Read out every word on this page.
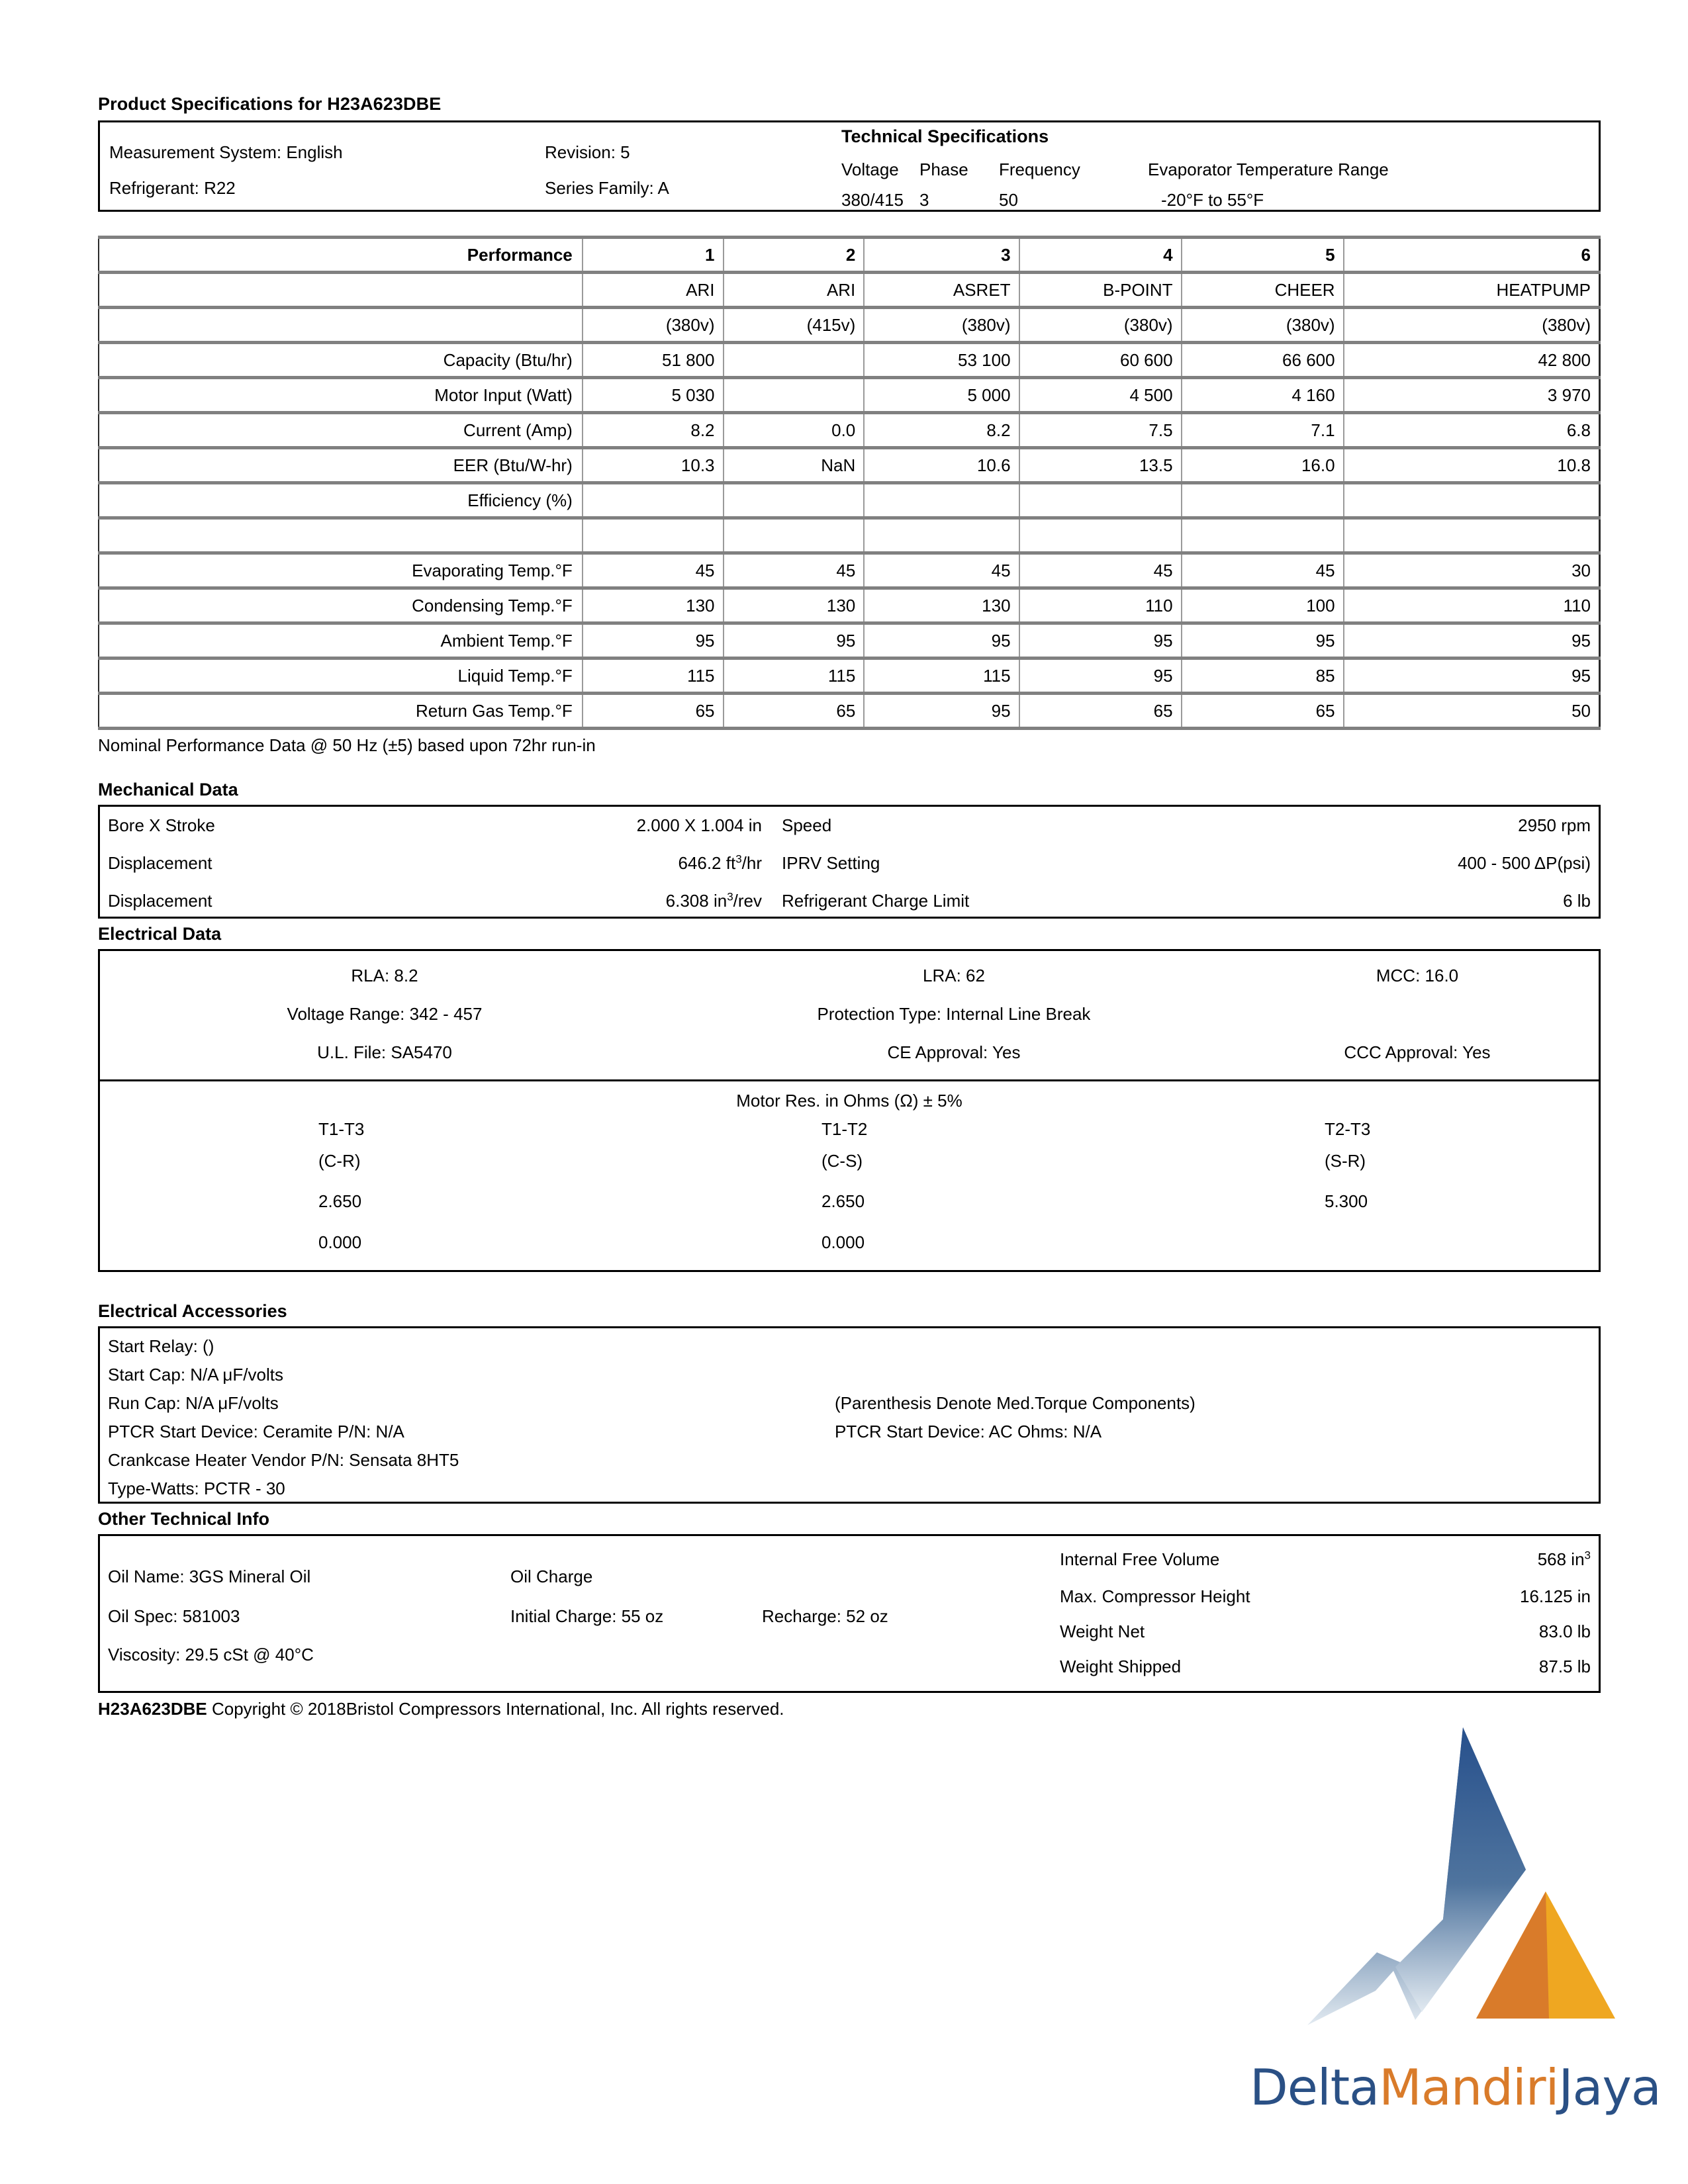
Product Specifications for H23A623DBE
Measurement System: English
Refrigerant: R22
Revision: 5
Series Family: A
Technical Specifications
Voltage	Phase	Frequency	Evaporator Temperature Range
380/415 3	50	-20°F to 55°F
Performance	1	2	3	4	5	6
	ARI	ARI	ASRET	B-POINT	CHEER	HEATPUMP
	(380v)	(415v)	(380v)	(380v)	(380v)	(380v)
Capacity (Btu/hr)	51 800		53 100	60 600	66 600	42 800
Motor Input (Watt)	5 030		5 000	4 500	4 160	3 970
Current (Amp)	8.2	0.0	8.2	7.5	7.1	6.8
EER (Btu/W-hr)	10.3	NaN	10.6	13.5	16.0	10.8
Efficiency (%)						

Evaporating Temp.°F	45	45	45	45	45	30
Condensing Temp.°F	130	130	130	110	100	110
Ambient Temp.°F	95	95	95	95	95	95
Liquid Temp.°F	115	115	115	95	85	95
Return Gas Temp.°F	65	65	95	65	65	50
Nominal Performance Data @ 50 Hz (±5) based upon 72hr run-in
Mechanical Data
Bore X Stroke	2.000 X 1.004 in Speed	2950 rpm
Displacement	646.2 $ft^3/hr$ IPRV Setting	400 - 500 ΔP(psi)
Displacement	6.308 $in^3$/rev Refrigerant Charge Limit	6 lb
Electrical Data
RLA: 8.2	LRA: 62	MCC: 16.0
Voltage Range: 342 - 457	Protection Type: Internal Line Break
U.L. File: SA5470	CE Approval: Yes	CCC Approval: Yes
Motor Res. in Ohms (Ω) ± 5%
T1-T3	T1-T2	T2-T3
(C-R)	(C-S)	(S-R)
2.650	2.650	5.300
0.000	0.000
Electrical Accessories
Start Relay: ()
Start Cap: N/A μF/volts
Run Cap: N/A μF/volts
PTCR Start Device: Ceramite P/N: N/A
Crankcase Heater Vendor P/N: Sensata 8HT5
Type-Watts: PCTR - 30
(Parenthesis Denote Med.Torque Components)
PTCR Start Device: AC Ohms: N/A
Other Technical Info
Oil Name: 3GS Mineral Oil
Oil Spec: 581003
Viscosity: 29.5 cSt @ 40°C
Oil Charge
Initial Charge: 55 oz	Recharge: 52 oz
Internal Free Volume	568 $in^3$
Max. Compressor Height	16.125 in
Weight Net	83.0 lb
Weight Shipped	87.5 lb
H23A623DBE Copyright © 2018Bristol Compressors International, Inc. All rights reserved.
DeltaMandiriJaya
